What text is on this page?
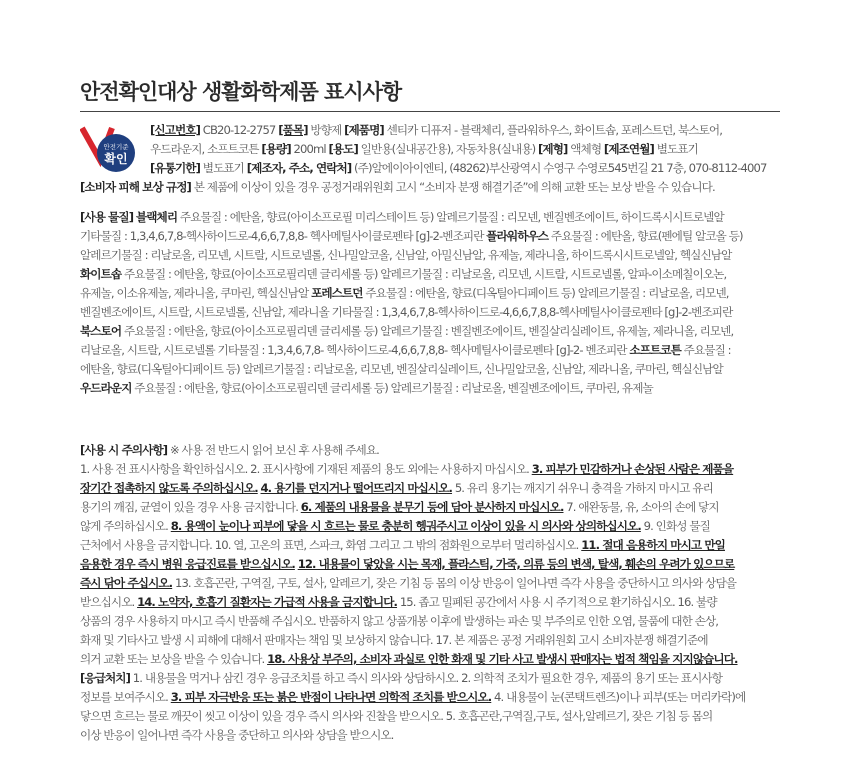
안전확인대상 생활화학제품 표시사항
안전기준
확인

[신고번호] CB20-12-2757 [품목] 방향제 [제품명] 센티카 디퓨저 - 블랙체리, 플라워하우스, 화이트솝, 포레스트던, 북스토어,

우드라운지, 소프트코튼 [용량] 200ml [용도] 일반용(실내공간용), 자동차용(실내용) [제형] 액체형 [제조연월] 별도표기

[유통기한] 별도표기 [제조자, 주소, 연락처] (주)알에이아이엔티, (48262)부산광역시 수영구 수영로545번길 21 7층, 070-8112-4007

[소비자 피해 보상 규정] 본 제품에 이상이 있을 경우 공정거래위원회 고시 “소비자 분쟁 해결기준”에 의해 교환 또는 보상 받을 수 있습니다.

[사용 물질] 블랙체리 주요물질 : 에탄올, 향료(아이소프로필 미리스테이트 등) 알레르기물질 : 리모넨, 벤질벤조에이트, 하이드록시시트로넬알

기타물질 : 1,3,4,6,7,8-헥사하이드로-4,6,6,7,8,8- 헥사메틸사이클로펜타 [g]-2-벤조피란 플라워하우스 주요물질 : 에탄올, 향료(펜에틸 알코올 등)

알레르기물질 : 리날로올, 리모넨, 시트랄, 시트로넬롤, 신나밀알코올, 신남알, 아밀신남알, 유제놀, 제라니올, 하이드록시시트로넬알, 헥실신남알

화이트솝 주요물질 : 에탄올, 향료(아이소프로필리덴 글리세롤 등) 알레르기물질 : 리날로올, 리모넨, 시트랄, 시트로넬롤, 알파-이소메칠이오논,

유제놀, 이소유제놀, 제라니올, 쿠마린, 헥실신남알 포레스트던 주요물질 : 에탄올, 향료(디옥틸아디페이트 등) 알레르기물질 : 리날로올, 리모넨,

벤질벤조에이트, 시트랄, 시트로넬롤, 신남알, 제라니올 기타물질 : 1,3,4,6,7,8-헥사하이드로-4,6,6,7,8,8-헥사메틸사이클로펜타 [g]-2-벤조피란

북스토어 주요물질 : 에탄올, 향료(아이소프로필리덴 글리세롤 등) 알레르기물질 : 벤질벤조에이트, 벤질살리실레이트, 유제놀, 제라니올, 리모넨,

리날로올, 시트랄, 시트로넬롤 기타물질 : 1,3,4,6,7,8- 헥사하이드로-4,6,6,7,8,8- 헥사메틸사이클로펜타 [g]-2- 벤조피란 소프트코튼 주요물질 :

에탄올, 향료(디옥틸아디페이트 등) 알레르기물질 : 리날로올, 리모넨, 벤질살리실레이트, 신나밀알코올, 신남알, 제라니올, 쿠마린, 헥실신남알

우드라운지 주요물질 : 에탄올, 향료(아이소프로필리덴 글리세롤 등) 알레르기물질 : 리날로올, 벤질벤조에이트, 쿠마린, 유제놀

[사용 시 주의사항] ※ 사용 전 반드시 읽어 보신 후 사용해 주세요.

1. 사용 전 표시사항을 확인하십시오. 2. 표시사항에 기재된 제품의 용도 외에는 사용하지 마십시오. 3. 피부가 민감하거나 손상된 사람은 제품을

장기간 접촉하지 않도록 주의하십시오. 4. 용기를 던지거나 떨어뜨리지 마십시오. 5. 유리 용기는 깨지기 쉬우니 충격을 가하지 마시고 유리

용기의 깨짐, 균열이 있을 경우 사용 금지합니다. 6. 제품의 내용물을 분무기 등에 담아 분사하지 마십시오. 7. 애완동물, 유, 소아의 손에 닿지

않게 주의하십시오. 8. 용액이 눈이나 피부에 닿을 시 흐르는 물로 충분히 헹궈주시고 이상이 있을 시 의사와 상의하십시오. 9. 인화성 물질

근처에서 사용을 금지합니다. 10. 열, 고온의 표면, 스파크, 화염 그리고 그 밖의 점화원으로부터 멀리하십시오. 11. 절대 음용하지 마시고 만일

음용한 경우 즉시 병원 응급진료를 받으십시오. 12. 내용물이 닿았을 시는 목재, 플라스틱, 가죽, 의류 등의 변색, 탈색, 훼손의 우려가 있으므로

즉시 닦아 주십시오. 13. 호흡곤란, 구역질, 구토, 설사, 알레르기, 잦은 기침 등 몸의 이상 반응이 일어나면 즉각 사용을 중단하시고 의사와 상담을

받으십시오. 14. 노약자, 호흡기 질환자는 가급적 사용을 금지합니다. 15. 좁고 밀폐된 공간에서 사용 시 주기적으로 환기하십시오. 16. 불량

상품의 경우 사용하지 마시고 즉시 반품해 주십시오. 반품하지 않고 상품개봉 이후에 발생하는 파손 및 부주의로 인한 오염, 물품에 대한 손상,

화재 및 기타사고 발생 시 피해에 대해서 판매자는 책임 및 보상하지 않습니다. 17. 본 제품은 공정 거래위원회 고시 소비자분쟁 해결기준에

의거 교환 또는 보상을 받을 수 있습니다. 18. 사용상 부주의, 소비자 과실로 인한 화재 및 기타 사고 발생시 판매자는 법적 책임을 지지않습니다.

[응급처치] 1. 내용물을 먹거나 삼킨 경우 응급조치를 하고 즉시 의사와 상담하시오. 2. 의학적 조치가 필요한 경우, 제품의 용기 또는 표시사항

정보를 보여주시오. 3. 피부 자극반응 또는 붉은 반점이 나타나면 의학적 조치를 받으시오. 4. 내용물이 눈(콘택트렌즈)이나 피부(또는 머리카락)에

닿으면 흐르는 물로 깨끗이 씻고 이상이 있을 경우 즉시 의사와 진찰을 받으시오. 5. 호흡곤란,구역질,구토, 설사,알레르기, 잦은 기침 등 몸의

이상 반응이 일어나면 즉각 사용을 중단하고 의사와 상담을 받으시오.
